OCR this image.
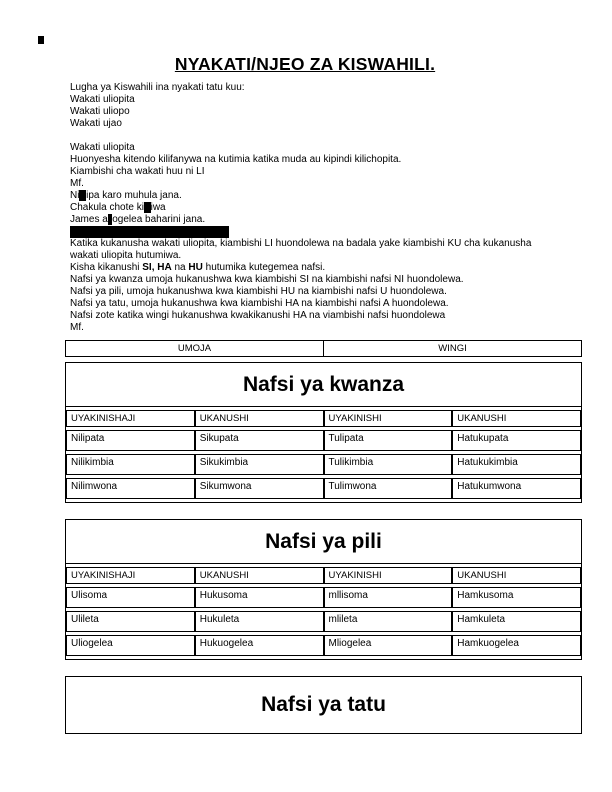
NYAKATI/NJEO ZA KISWAHILI.
Lugha ya Kiswahili ina nyakati tatu kuu:
Wakati uliopita
Wakati uliopo
Wakati ujao
Wakati uliopita
Huonyesha kitendo kilifanywa na kutimia katika muda au kipindi kilichopita.
Kiambishi cha wakati huu ni LI
Mf.
Nililipa karo muhula jana.
Chakula chote kililiwa
James aliogelea baharini jana.
Kukanusha kwa kutegemea nafsi
Katika kukanusha wakati uliopita, kiambishi LI huondolewa na badala yake kiambishi KU cha kukanusha
wakati uliopita hutumiwa.
Kisha kikanushi SI, HA na HU hutumika kutegemea nafsi.
Nafsi ya kwanza umoja hukanushwa kwa kiambishi SI na kiambishi nafsi NI huondolewa.
Nafsi ya pili, umoja hukanushwa kwa kiambishi HU na kiambishi nafsi U huondolewa.
Nafsi ya tatu, umoja hukanushwa kwa kiambishi HA na kiambishi nafsi A huondolewa.
Nafsi zote katika wingi hukanushwa kwakikanushi HA na viambishi nafsi huondolewa
Mf.
UMOJA	WINGI
Nafsi ya kwanza
UYAKINISHAJI	UKANUSHI	UYAKINISHI	UKANUSHI
Nilipata	Sikupata	Tulipata	Hatukupata
Nilikimbia	Sikukimbia	Tulikimbia	Hatukukimbia
Nilimwona	Sikumwona	Tulimwona	Hatukumwona
Nafsi ya pili
UYAKINISHAJI	UKANUSHI	UYAKINISHI	UKANUSHI
Ulisoma	Hukusoma	mllisoma	Hamkusoma
Ulileta	Hukuleta	mlileta	Hamkuleta
Uliogelea	Hukuogelea	Mliogelea	Hamkuogelea
Nafsi ya tatu
